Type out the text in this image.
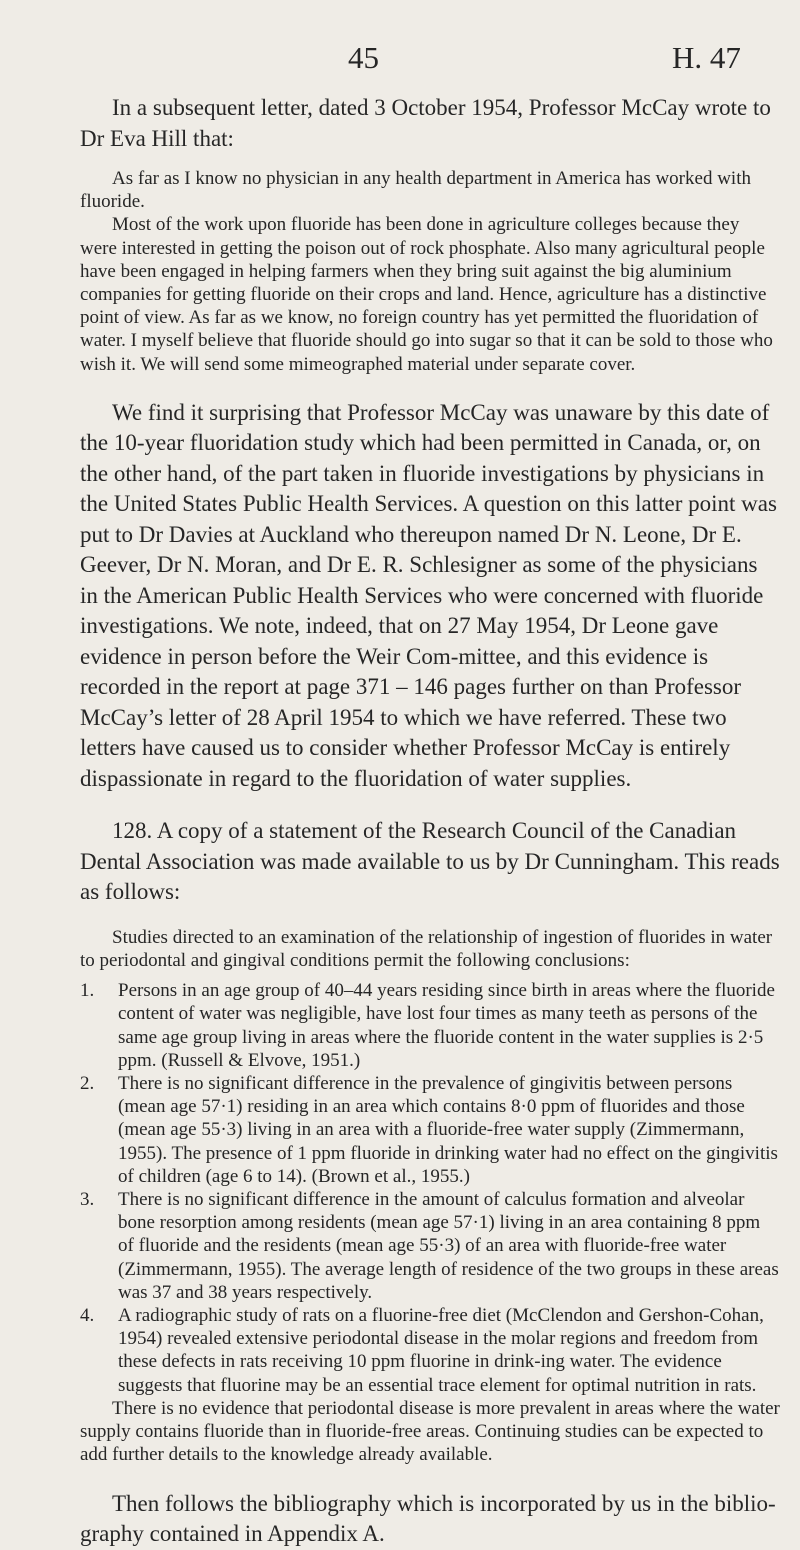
45	H. 47

In a subsequent letter, dated 3 October 1954, Professor McCay wrote to Dr Eva Hill that:

As far as I know no physician in any health department in America has worked with fluoride.

Most of the work upon fluoride has been done in agriculture colleges because they were interested in getting the poison out of rock phosphate. Also many agricultural people have been engaged in helping farmers when they bring suit against the big aluminium companies for getting fluoride on their crops and land. Hence, agriculture has a distinctive point of view. As far as we know, no foreign country has yet permitted the fluoridation of water. I myself believe that fluoride should go into sugar so that it can be sold to those who wish it. We will send some mimeographed material under separate cover.

We find it surprising that Professor McCay was unaware by this date of the 10-year fluoridation study which had been permitted in Canada, or, on the other hand, of the part taken in fluoride investigations by physicians in the United States Public Health Services. A question on this latter point was put to Dr Davies at Auckland who thereupon named Dr N. Leone, Dr E. Geever, Dr N. Moran, and Dr E. R. Schlesigner as some of the physicians in the American Public Health Services who were concerned with fluoride investigations. We note, indeed, that on 27 May 1954, Dr Leone gave evidence in person before the Weir Com-mittee, and this evidence is recorded in the report at page 371 – 146 pages further on than Professor McCay’s letter of 28 April 1954 to which we have referred. These two letters have caused us to consider whether Professor McCay is entirely dispassionate in regard to the fluoridation of water supplies.

128. A copy of a statement of the Research Council of the Canadian Dental Association was made available to us by Dr Cunningham. This reads as follows:

Studies directed to an examination of the relationship of ingestion of fluorides in water to periodontal and gingival conditions permit the following conclusions:

1. Persons in an age group of 40–44 years residing since birth in areas where the fluoride content of water was negligible, have lost four times as many teeth as persons of the same age group living in areas where the fluoride content in the water supplies is 2·5 ppm. (Russell & Elvove, 1951.)
2. There is no significant difference in the prevalence of gingivitis between persons (mean age 57·1) residing in an area which contains 8·0 ppm of fluorides and those (mean age 55·3) living in an area with a fluoride-free water supply (Zimmermann, 1955). The presence of 1 ppm fluoride in drinking water had no effect on the gingivitis of children (age 6 to 14). (Brown et al., 1955.)
3. There is no significant difference in the amount of calculus formation and alveolar bone resorption among residents (mean age 57·1) living in an area containing 8 ppm of fluoride and the residents (mean age 55·3) of an area with fluoride-free water (Zimmermann, 1955). The average length of residence of the two groups in these areas was 37 and 38 years respectively.
4. A radiographic study of rats on a fluorine-free diet (McClendon and Gershon-Cohan, 1954) revealed extensive periodontal disease in the molar regions and freedom from these defects in rats receiving 10 ppm fluorine in drink-ing water. The evidence suggests that fluorine may be an essential trace element for optimal nutrition in rats.

There is no evidence that periodontal disease is more prevalent in areas where the water supply contains fluoride than in fluoride-free areas. Continuing studies can be expected to add further details to the knowledge already available.

Then follows the bibliography which is incorporated by us in the biblio-graphy contained in Appendix A.
